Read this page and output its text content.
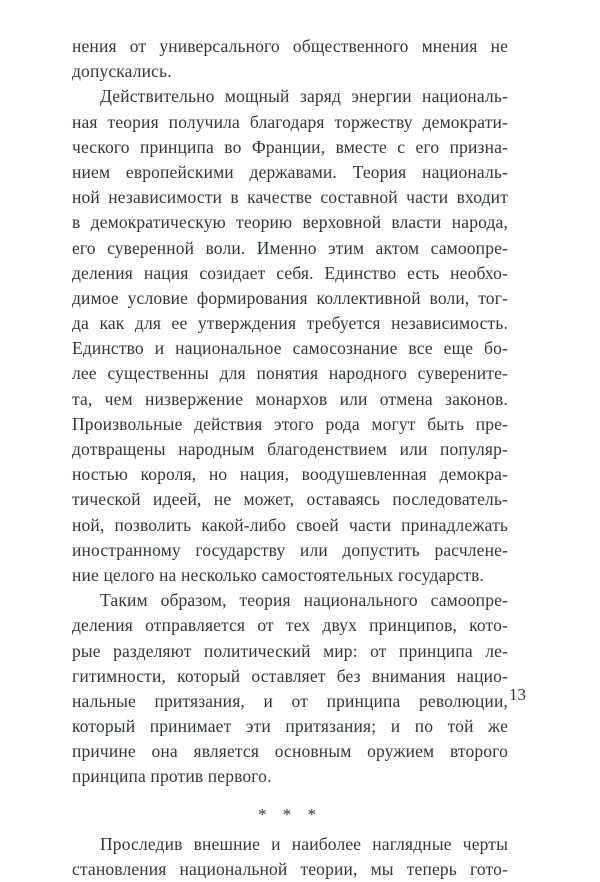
нения от универсального общественного мнения не
допускались.
Действительно мощный заряд энергии националь-
ная теория получила благодаря торжеству демократи-
ческого принципа во Франции, вместе с его призна-
нием европейскими державами. Теория националь-
ной независимости в качестве составной части входит
в демократическую теорию верховной власти народа,
его суверенной воли. Именно этим актом самоопре-
деления нация созидает себя. Единство есть необхо-
димое условие формирования коллективной воли, тог-
да как для ее утверждения требуется независимость.
Единство и национальное самосознание все еще бо-
лее существенны для понятия народного суверените-
та, чем низвержение монархов или отмена законов.
Произвольные действия этого рода могут быть пре-
дотвращены народным благоденствием или популяр-
ностью короля, но нация, воодушевленная демокра-
тической идеей, не может, оставаясь последователь-
ной, позволить какой-либо своей части принадлежать
иностранному государству или допустить расчлене-
ние целого на несколько самостоятельных государств.
Таким образом, теория национального самоопре-
деления отправляется от тех двух принципов, кото-
рые разделяют политический мир: от принципа ле-
гитимности, который оставляет без внимания нацио-
нальные притязания, и от принципа революции,
который принимает эти притязания; и по той же
причине она является основным оружием второго
принципа против первого.
* * *
Проследив внешние и наиболее наглядные черты
становления национальной теории, мы теперь гото-
13
